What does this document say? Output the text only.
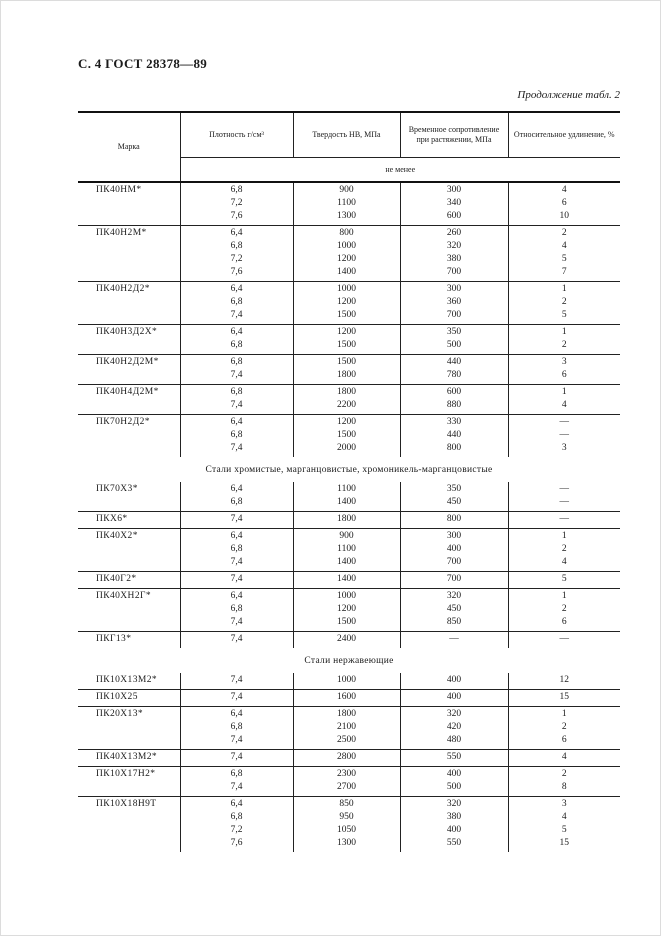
С. 4 ГОСТ 28378—89
Продолжение табл. 2
Марка	Плотность г/см³	Твердость НВ, МПа	Временное сопротивление при растяжении, МПа	Относительное удлинение, %
	не менее			
ПК40НМ*	6,8	900	300	4
	7,2	1100	340	6
	7,6	1300	600	10
ПК40Н2М*	6,4	800	260	2
	6,8	1000	320	4
	7,2	1200	380	5
	7,6	1400	700	7
ПК40Н2Д2*	6,4	1000	300	1
	6,8	1200	360	2
	7,4	1500	700	5
ПК40Н3Д2Х*	6,4	1200	350	1
	6,8	1500	500	2
ПК40Н2Д2М*	6,8	1500	440	3
	7,4	1800	780	6
ПК40Н4Д2М*	6,8	1800	600	1
	7,4	2200	880	4
ПК70Н2Д2*	6,4	1200	330	—
	6,8	1500	440	—
	7,4	2000	800	3
Стали хромистые, марганцовистые, хромоникель-марганцовистые				
ПК70Х3*	6,4	1100	350	—
	6,8	1400	450	—
ПКХ6*	7,4	1800	800	—
ПК40Х2*	6,4	900	300	1
	6,8	1100	400	2
	7,4	1400	700	4
ПК40Г2*	7,4	1400	700	5
ПК40ХН2Г*	6,4	1000	320	1
	6,8	1200	450	2
	7,4	1500	850	6
ПКГ13*	7,4	2400	—	—
Стали нержавеющие				
ПК10Х13М2*	7,4	1000	400	12
ПК10Х25	7,4	1600	400	15
ПК20Х13*	6,4	1800	320	1
	6,8	2100	420	2
	7,4	2500	480	6
ПК40Х13М2*	7,4	2800	550	4
ПК10Х17Н2*	6,8	2300	400	2
	7,4	2700	500	8
ПК10Х18Н9Т	6,4	850	320	3
	6,8	950	380	4
	7,2	1050	400	5
	7,6	1300	550	15
